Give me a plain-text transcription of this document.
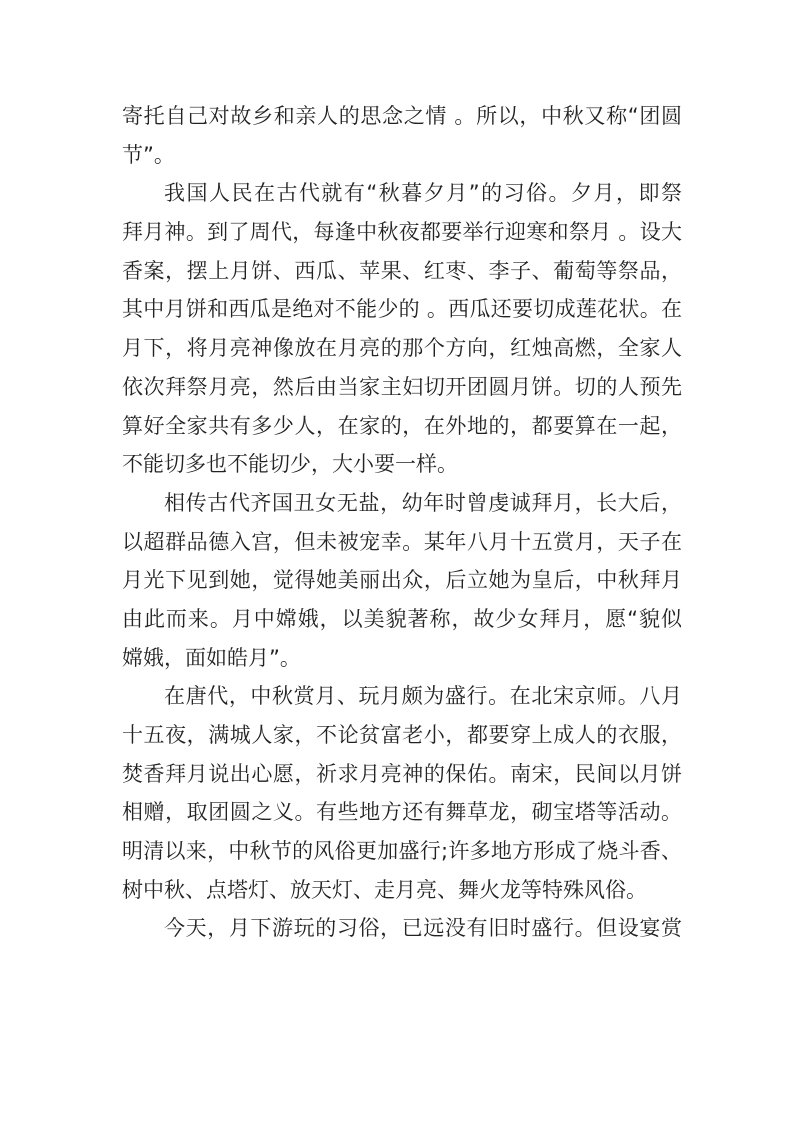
寄托自己对故乡和亲人的思念之情 。所以，中秋又称“团圆
节”。
我国人民在古代就有“秋暮夕月”的习俗。夕月，即祭
拜月神。到了周代，每逢中秋夜都要举行迎寒和祭月 。设大
香案，摆上月饼、西瓜、苹果、红枣、李子、葡萄等祭品，
其中月饼和西瓜是绝对不能少的 。西瓜还要切成莲花状。在
月下，将月亮神像放在月亮的那个方向，红烛高燃，全家人
依次拜祭月亮，然后由当家主妇切开团圆月饼。切的人预先
算好全家共有多少人，在家的，在外地的，都要算在一起，
不能切多也不能切少，大小要一样。
相传古代齐国丑女无盐，幼年时曾虔诚拜月，长大后，
以超群品德入宫，但未被宠幸。某年八月十五赏月，天子在
月光下见到她，觉得她美丽出众，后立她为皇后，中秋拜月
由此而来。月中嫦娥，以美貌著称，故少女拜月，愿“貌似
嫦娥，面如皓月”。
在唐代，中秋赏月、玩月颇为盛行。在北宋京师。八月
十五夜，满城人家，不论贫富老小，都要穿上成人的衣服，
焚香拜月说出心愿，祈求月亮神的保佑。南宋，民间以月饼
相赠，取团圆之义。有些地方还有舞草龙，砌宝塔等活动。
明清以来，中秋节的风俗更加盛行;许多地方形成了烧斗香、
树中秋、点塔灯、放天灯、走月亮、舞火龙等特殊风俗。
今天，月下游玩的习俗，已远没有旧时盛行。但设宴赏
